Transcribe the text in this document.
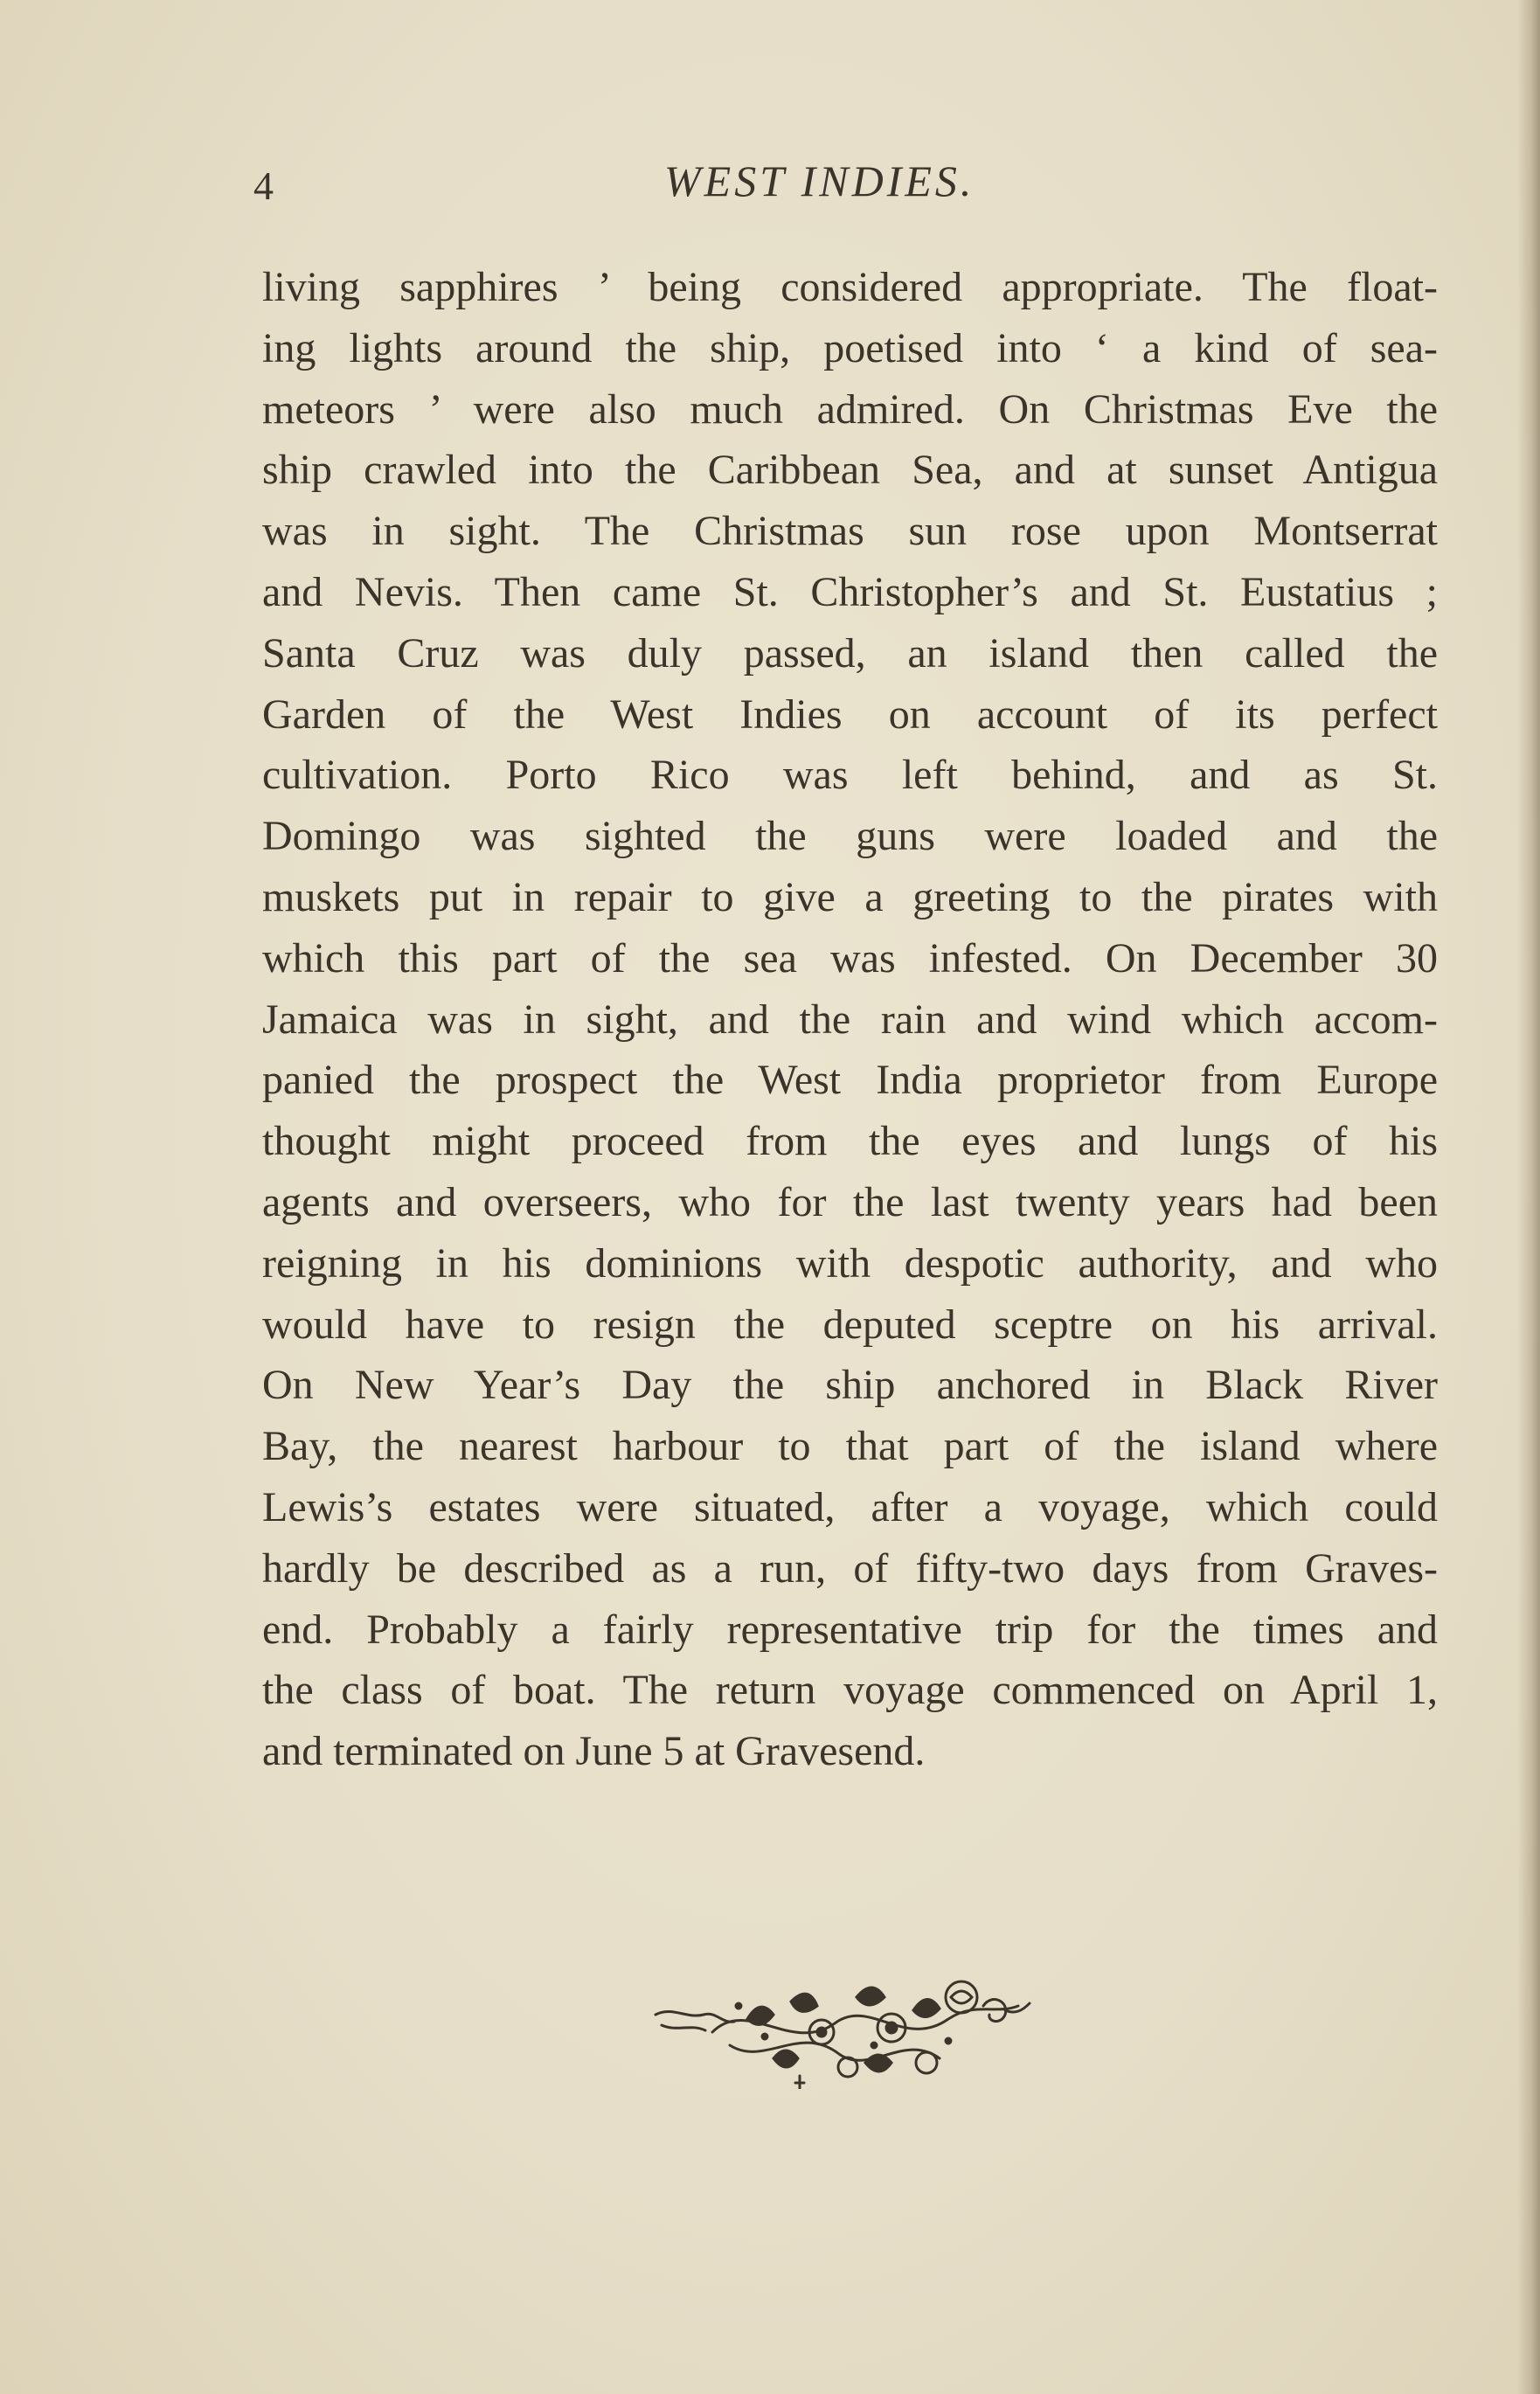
4	WEST INDIES.
living sapphires ’ being considered appropriate. The float-
ing lights around the ship, poetised into ‘ a kind of sea-
meteors ’ were also much admired. On Christmas Eve the
ship crawled into the Caribbean Sea, and at sunset Antigua
was in sight. The Christmas sun rose upon Montserrat
and Nevis. Then came St. Christopher’s and St. Eustatius ;
Santa Cruz was duly passed, an island then called the
Garden of the West Indies on account of its perfect
cultivation. Porto Rico was left behind, and as St.
Domingo was sighted the guns were loaded and the
muskets put in repair to give a greeting to the pirates with
which this part of the sea was infested. On December 30
Jamaica was in sight, and the rain and wind which accom-
panied the prospect the West India proprietor from Europe
thought might proceed from the eyes and lungs of his
agents and overseers, who for the last twenty years had been
reigning in his dominions with despotic authority, and who
would have to resign the deputed sceptre on his arrival.
On New Year’s Day the ship anchored in Black River
Bay, the nearest harbour to that part of the island where
Lewis’s estates were situated, after a voyage, which could
hardly be described as a run, of fifty-two days from Graves-
end. Probably a fairly representative trip for the times and
the class of boat. The return voyage commenced on April 1,
and terminated on June 5 at Gravesend.
